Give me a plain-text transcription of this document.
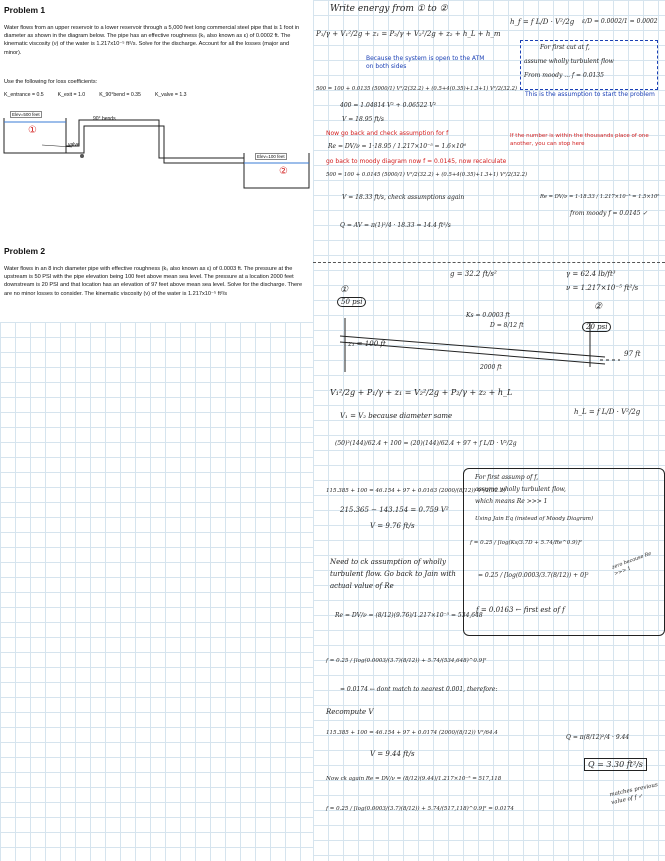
Problem 1
Water flows from an upper reservoir to a lower reservoir through a 5,000 feet long commercial steel pipe that is 1 foot in diameter as shown in the diagram below. The pipe has an effective roughness (kₛ also known as ε) of 0.0002 ft. The kinematic viscosity (ν) of the water is 1.217x10⁻⁵ ft²/s. Solve for the discharge. Account for all the losses (major and minor).
Use the following for loss coefficients:
K_entrance = 0.5	K_exit = 1.0	K_90°bend = 0.35	K_valve = 1.3
Elev=500 feet
90° bends
valve
Elev=100 feet
①
②
Problem 2
Water flows in an 8 inch diameter pipe with effective roughness (kₛ also known as ε) of 0.0003 ft. The pressure at the upstream is 50 PSI with the pipe elevation being 100 feet above mean sea level. The pressure at a location 2000 feet downstream is 20 PSI and that location has an elevation of 97 feet above mean sea level. Solve for the discharge. There are no minor losses to consider. The kinematic viscosity (ν) of the water is 1.217x10⁻⁵ ft²/s
Write energy from ① to ②
P₁/γ + V₁²/2g + z₁ = P₂/γ + V₂²/2g + z₂ + h_L + h_m
Because the system is open to the ATM on both sides
h_f = f L/D · V²/2g ε/D = 0.0002/1 = 0.0002
For first cut at f,
assume wholly turbulent flow
From moody ... f = 0.0135
This is the assumption to start the problem
500 = 100 + 0.0135 (5000/1) V²/2(32.2) + (0.5+4(0.35)+1.3+1) V²/2(32.2)
400 = 1.04814 V² + 0.06522 V²
V = 18.95 ft/s
Now go back and check assumption for f
Re = DV/ν = 1·18.95 / 1.217×10⁻⁵ = 1.6×10⁶
If the number is within the thousands place of one another, you can stop here
go back to moody diagram now f = 0.0145, now recalculate
500 = 100 + 0.0145 (5000/1) V²/2(32.2) + (0.5+4(0.35)+1.3+1) V²/2(32.2)
V = 18.33 ft/s, check assumptions again	Re = DV/ν = 1·18.33 / 1.217×10⁻⁵ = 1.5×10⁶
from moody f = 0.0145 ✓
Q = AV = π(1)²/4 · 18.33 = 14.4 ft³/s
g = 32.2 ft/s²	γ = 62.4 lb/ft³
ν = 1.217×10⁻⁵ ft²/s
①
②
50 psi
20 psi
Ks = 0.0003 ft
D = 8/12 ft
z₁ = 100 ft
2000 ft
97 ft
V₁²/2g + P₁/γ + z₁ = V₂²/2g + P₂/γ + z₂ + h_L
V₁ = V₂ because diameter same	h_L = f L/D · V²/2g
(50)²(144)/62.4 + 100 = (20)(144)/62.4 + 97 + f L/D · V²/2g
115.385 + 100 = 46.154 + 97 + 0.0163 (2000/(8/12)) V²/2(32.2)
215.365 − 143.154 = 0.759 V²
V = 9.76 ft/s
For first assump of f,
assume wholly turbulent flow,
which means Re >>> 1
Using Jain Eq (instead of Moody Diagram)
f = 0.25 / [log(Ks/3.7D + 5.74/Re^0.9)]²
= 0.25 / [log(0.0003/3.7(8/12)) + 0]²
f = 0.0163 ← first est of f
zero because Re >>> 1
Need to ck assumption of wholly turbulent flow. Go back to Jain with actual value of Re
Re = DV/ν = (8/12)(9.76)/1.217×10⁻⁵ = 534,648
f = 0.25 / [log(0.0003/(3.7)(8/12)) + 5.74/(534,648)^0.9]²
= 0.0174 ← dont match to nearest 0.001, therefore:
Recompute V
115.385 + 100 = 46.154 + 97 + 0.0174 (2000/(8/12)) V²/64.4
V = 9.44 ft/s
Q = π(8/12)²/4 · 9.44
Q = 3.30 ft³/s
Now ck again Re = DV/ν = (8/12)(9.44)/1.217×10⁻⁵ = 517,118
f = 0.25 / [log(0.0003/(3.7)(8/12)) + 5.74/(517,118)^0.9]² = 0.0174
matches previous value of f ✓
